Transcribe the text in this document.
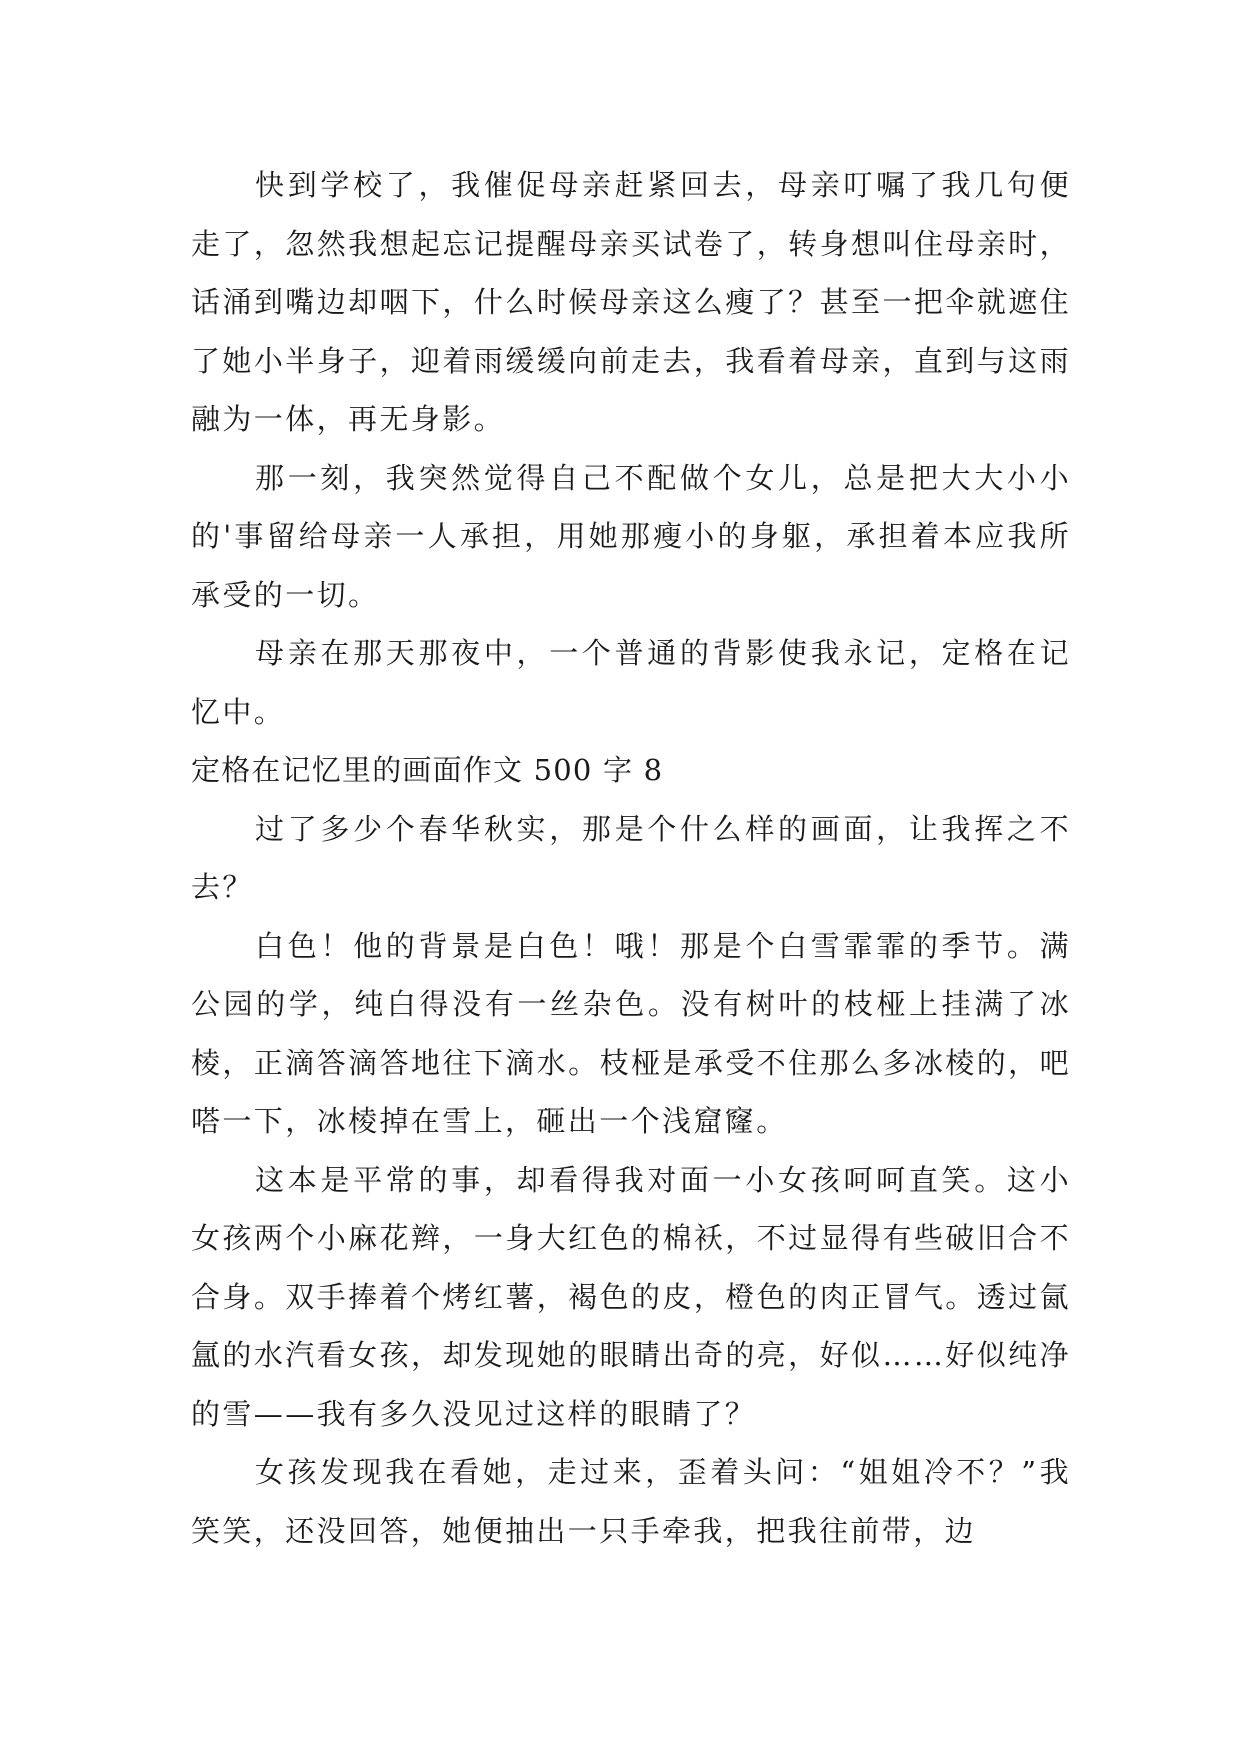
快到学校了，我催促母亲赶紧回去，母亲叮嘱了我几句便走了，忽然我想起忘记提醒母亲买试卷了，转身想叫住母亲时，话涌到嘴边却咽下，什么时候母亲这么瘦了？甚至一把伞就遮住了她小半身子，迎着雨缓缓向前走去，我看着母亲，直到与这雨融为一体，再无身影。

那一刻，我突然觉得自己不配做个女儿，总是把大大小小的'事留给母亲一人承担，用她那瘦小的身躯，承担着本应我所承受的一切。

母亲在那天那夜中，一个普通的背影使我永记，定格在记忆中。

定格在记忆里的画面作文 500 字 8

过了多少个春华秋实，那是个什么样的画面，让我挥之不去？

白色！他的背景是白色！哦！那是个白雪霏霏的季节。满公园的学，纯白得没有一丝杂色。没有树叶的枝桠上挂满了冰棱，正滴答滴答地往下滴水。枝桠是承受不住那么多冰棱的，吧嗒一下，冰棱掉在雪上，砸出一个浅窟窿。

这本是平常的事，却看得我对面一小女孩呵呵直笑。这小女孩两个小麻花辫，一身大红色的棉袄，不过显得有些破旧合不合身。双手捧着个烤红薯，褐色的皮，橙色的肉正冒气。透过氤氲的水汽看女孩，却发现她的眼睛出奇的亮，好似……好似纯净的雪——我有多久没见过这样的眼睛了？

女孩发现我在看她，走过来，歪着头问：“姐姐冷不？”我笑笑，还没回答，她便抽出一只手牵我，把我往前带，边
